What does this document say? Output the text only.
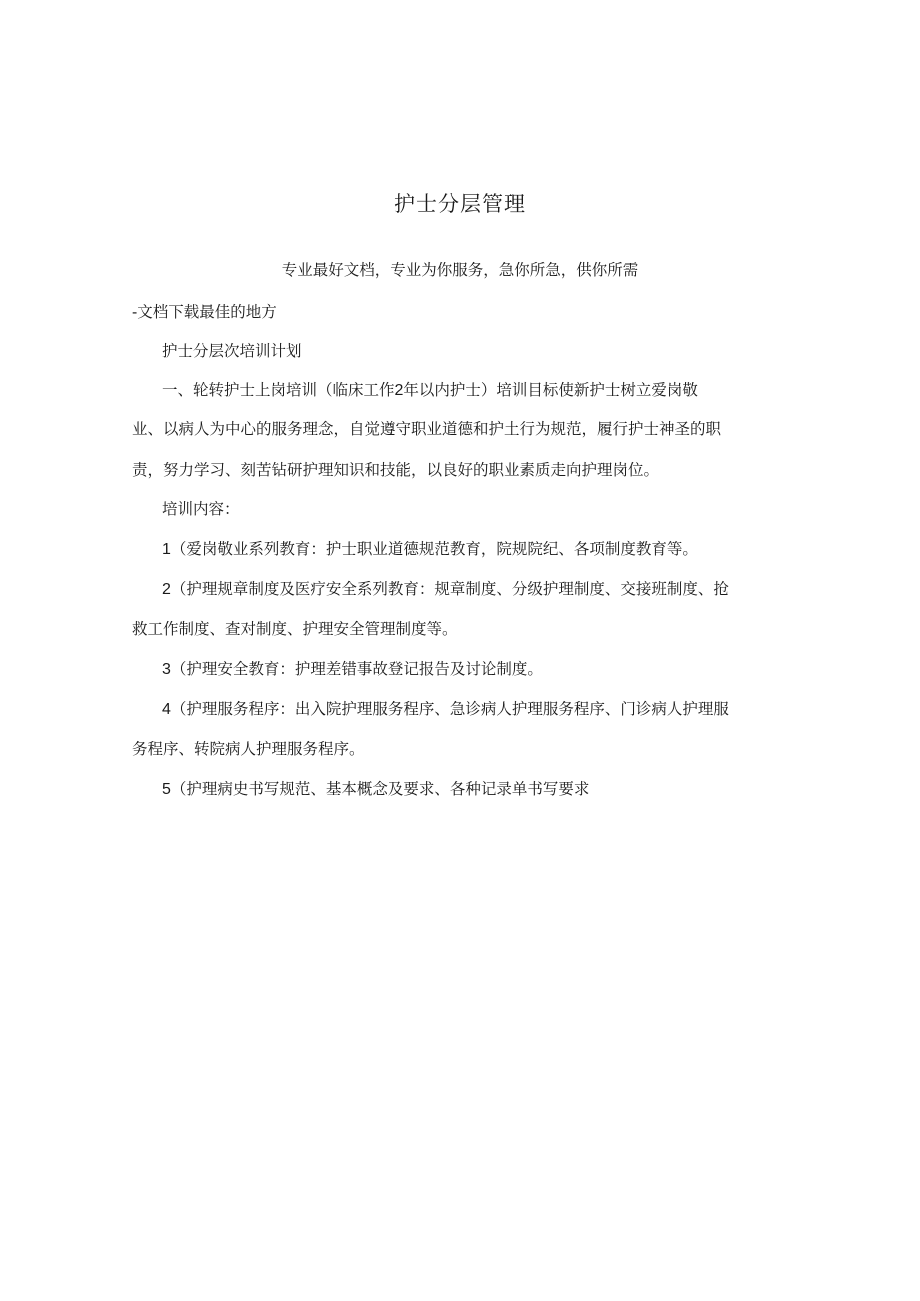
护士分层管理
专业最好文档，专业为你服务，急你所急，供你所需
-文档下载最佳的地方
护士分层次培训计划
一、轮转护士上岗培训（临床工作2年以内护士）培训目标使新护士树立爱岗敬
业、以病人为中心的服务理念，自觉遵守职业道德和护土行为规范，履行护士神圣的职
责，努力学习、刻苦钻研护理知识和技能，以良好的职业素质走向护理岗位。
培训内容：
1（爱岗敬业系列教育：护士职业道德规范教育，院规院纪、各项制度教育等。
2（护理规章制度及医疗安全系列教育：规章制度、分级护理制度、交接班制度、抢
救工作制度、查对制度、护理安全管理制度等。
3（护理安全教育：护理差错事故登记报告及讨论制度。
4（护理服务程序：出入院护理服务程序、急诊病人护理服务程序、门诊病人护理服
务程序、转院病人护理服务程序。
5（护理病史书写规范、基本概念及要求、各种记录单书写要求
